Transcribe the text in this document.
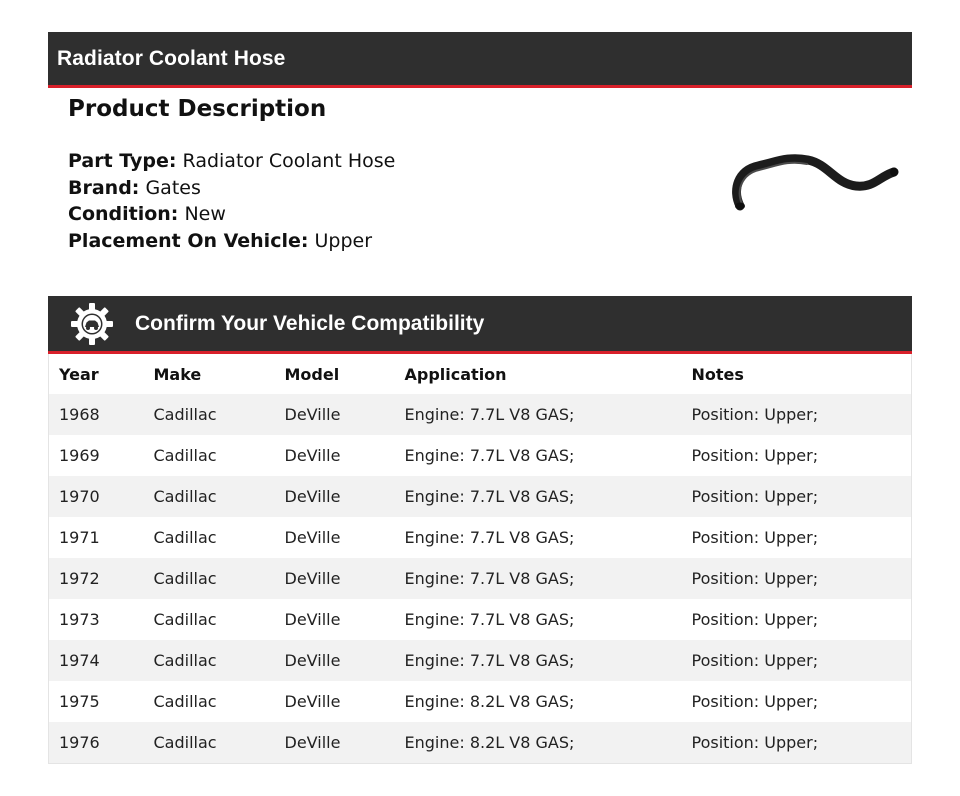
Radiator Coolant Hose
Product Description
Part Type: Radiator Coolant Hose
Brand: Gates
Condition: New
Placement On Vehicle: Upper
Confirm Your Vehicle Compatibility
Year	Make	Model	Application	Notes
1968	Cadillac	DeVille	Engine: 7.7L V8 GAS;	Position: Upper;
1969	Cadillac	DeVille	Engine: 7.7L V8 GAS;	Position: Upper;
1970	Cadillac	DeVille	Engine: 7.7L V8 GAS;	Position: Upper;
1971	Cadillac	DeVille	Engine: 7.7L V8 GAS;	Position: Upper;
1972	Cadillac	DeVille	Engine: 7.7L V8 GAS;	Position: Upper;
1973	Cadillac	DeVille	Engine: 7.7L V8 GAS;	Position: Upper;
1974	Cadillac	DeVille	Engine: 7.7L V8 GAS;	Position: Upper;
1975	Cadillac	DeVille	Engine: 8.2L V8 GAS;	Position: Upper;
1976	Cadillac	DeVille	Engine: 8.2L V8 GAS;	Position: Upper;
